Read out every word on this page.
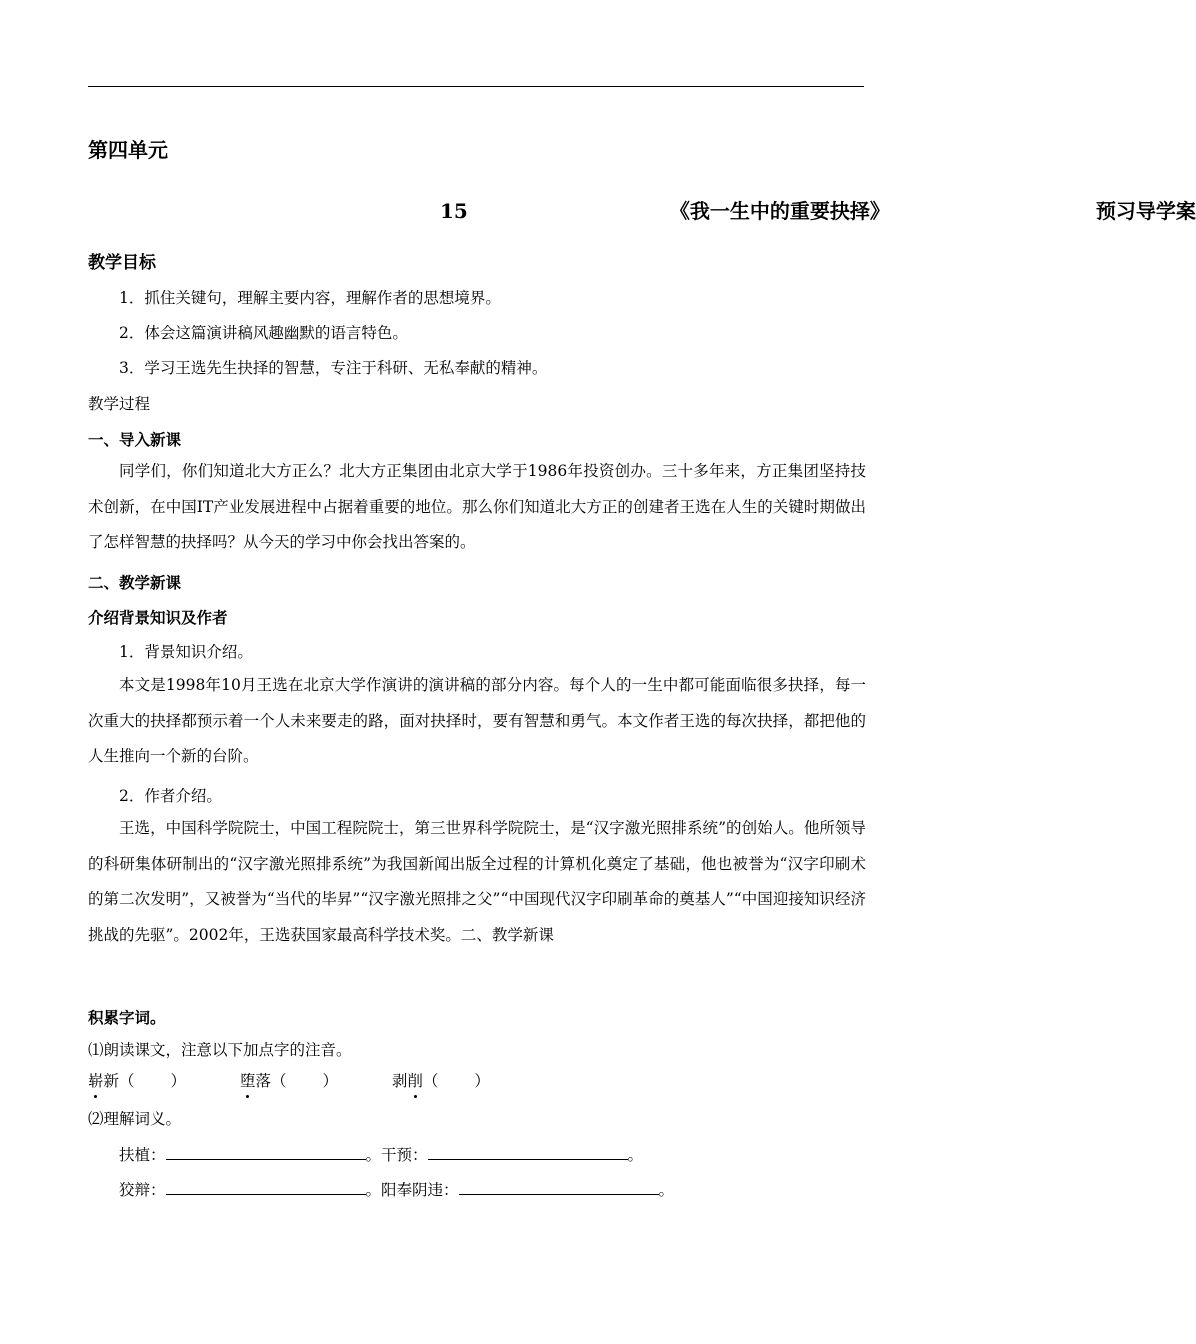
第四单元
15	《我一生中的重要抉择》	预习导学案
教学目标
1．抓住关键句，理解主要内容，理解作者的思想境界。
2．体会这篇演讲稿风趣幽默的语言特色。
3．学习王选先生抉择的智慧，专注于科研、无私奉献的精神。
教学过程
一、导入新课
同学们，你们知道北大方正么？北大方正集团由北京大学于1986年投资创办。三十多年来，方正集团坚持技术创新，在中国IT产业发展进程中占据着重要的地位。那么你们知道北大方正的创建者王选在人生的关键时期做出了怎样智慧的抉择吗？从今天的学习中你会找出答案的。
二、教学新课
介绍背景知识及作者
1．背景知识介绍。
本文是1998年10月王选在北京大学作演讲的演讲稿的部分内容。每个人的一生中都可能面临很多抉择，每一次重大的抉择都预示着一个人未来要走的路，面对抉择时，要有智慧和勇气。本文作者王选的每次抉择，都把他的人生推向一个新的台阶。
2．作者介绍。
王选，中国科学院院士，中国工程院院士，第三世界科学院院士，是“汉字激光照排系统”的创始人。他所领导的科研集体研制出的“汉字激光照排系统”为我国新闻出版全过程的计算机化奠定了基础，他也被誉为“汉字印刷术的第二次发明”，又被誉为“当代的毕昇”“汉字激光照排之父”“中国现代汉字印刷革命的奠基人”“中国迎接知识经济挑战的先驱”。2002年，王选获国家最高科学技术奖。二、教学新课
积累字词。
⑴朗读课文，注意以下加点字的注音。
崭新（ ）	堕落（ ）	剥削（ ）
⑵理解词义。
扶植：	。干预：	。
狡辩：	。阳奉阴违：	。
